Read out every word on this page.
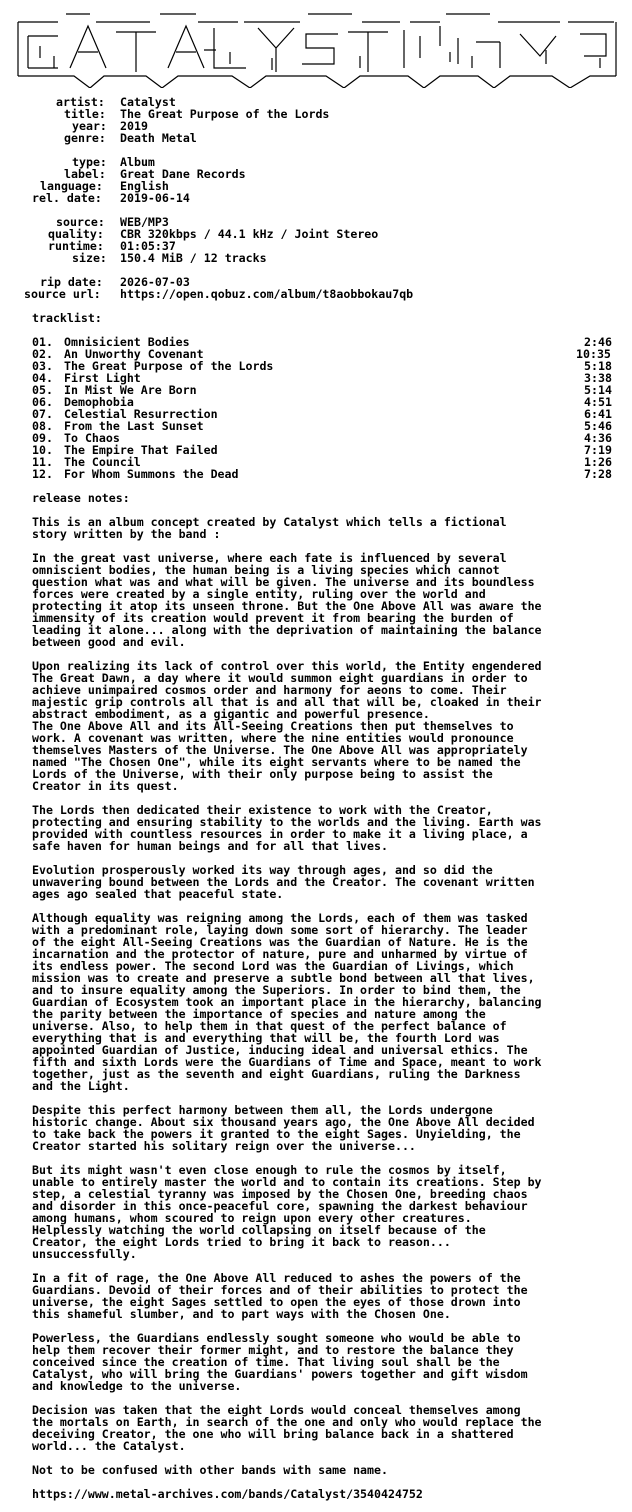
artist: Catalyst
title: The Great Purpose of the Lords
year: 2019
genre: Death Metal
type: Album
label: Great Dane Records
language: English
rel. date: 2019-06-14
source: WEB/MP3
quality: CBR 320kbps / 44.1 kHz / Joint Stereo
runtime: 01:05:37
size: 150.4 MiB / 12 tracks
rip date: 2026-07-03
source url: https://open.qobuz.com/album/t8aobbokau7qb
tracklist:
01. Omnisicient Bodies	2:46
02. An Unworthy Covenant	10:35
03. The Great Purpose of the Lords	5:18
04. First Light	3:38
05. In Mist We Are Born	5:14
06. Demophobia	4:51
07. Celestial Resurrection	6:41
08. From the Last Sunset	5:46
09. To Chaos	4:36
10. The Empire That Failed	7:19
11. The Council	1:26
12. For Whom Summons the Dead	7:28
release notes:
This is an album concept created by Catalyst which tells a fictional
story written by the band :
In the great vast universe, where each fate is influenced by several
omniscient bodies, the human being is a living species which cannot
question what was and what will be given. The universe and its boundless
forces were created by a single entity, ruling over the world and
protecting it atop its unseen throne. But the One Above All was aware the
immensity of its creation would prevent it from bearing the burden of
leading it alone... along with the deprivation of maintaining the balance
between good and evil.
Upon realizing its lack of control over this world, the Entity engendered
The Great Dawn, a day where it would summon eight guardians in order to
achieve unimpaired cosmos order and harmony for aeons to come. Their
majestic grip controls all that is and all that will be, cloaked in their
abstract embodiment, as a gigantic and powerful presence.
The One Above All and its All-Seeing Creations then put themselves to
work. A covenant was written, where the nine entities would pronounce
themselves Masters of the Universe. The One Above All was appropriately
named "The Chosen One", while its eight servants where to be named the
Lords of the Universe, with their only purpose being to assist the
Creator in its quest.
The Lords then dedicated their existence to work with the Creator,
protecting and ensuring stability to the worlds and the living. Earth was
provided with countless resources in order to make it a living place, a
safe haven for human beings and for all that lives.
Evolution prosperously worked its way through ages, and so did the
unwavering bound between the Lords and the Creator. The covenant written
ages ago sealed that peaceful state.
Although equality was reigning among the Lords, each of them was tasked
with a predominant role, laying down some sort of hierarchy. The leader
of the eight All-Seeing Creations was the Guardian of Nature. He is the
incarnation and the protector of nature, pure and unharmed by virtue of
its endless power. The second Lord was the Guardian of Livings, which
mission was to create and preserve a subtle bond between all that lives,
and to insure equality among the Superiors. In order to bind them, the
Guardian of Ecosystem took an important place in the hierarchy, balancing
the parity between the importance of species and nature among the
universe. Also, to help them in that quest of the perfect balance of
everything that is and everything that will be, the fourth Lord was
appointed Guardian of Justice, inducing ideal and universal ethics. The
fifth and sixth Lords were the Guardians of Time and Space, meant to work
together, just as the seventh and eight Guardians, ruling the Darkness
and the Light.
Despite this perfect harmony between them all, the Lords undergone
historic change. About six thousand years ago, the One Above All decided
to take back the powers it granted to the eight Sages. Unyielding, the
Creator started his solitary reign over the universe...
But its might wasn't even close enough to rule the cosmos by itself,
unable to entirely master the world and to contain its creations. Step by
step, a celestial tyranny was imposed by the Chosen One, breeding chaos
and disorder in this once-peaceful core, spawning the darkest behaviour
among humans, whom scoured to reign upon every other creatures.
Helplessly watching the world collapsing on itself because of the
Creator, the eight Lords tried to bring it back to reason...
unsuccessfully.
In a fit of rage, the One Above All reduced to ashes the powers of the
Guardians. Devoid of their forces and of their abilities to protect the
universe, the eight Sages settled to open the eyes of those drown into
this shameful slumber, and to part ways with the Chosen One.
Powerless, the Guardians endlessly sought someone who would be able to
help them recover their former might, and to restore the balance they
conceived since the creation of time. That living soul shall be the
Catalyst, who will bring the Guardians' powers together and gift wisdom
and knowledge to the universe.
Decision was taken that the eight Lords would conceal themselves among
the mortals on Earth, in search of the one and only who would replace the
deceiving Creator, the one who will bring balance back in a shattered
world... the Catalyst.
Not to be confused with other bands with same name.
https://www.metal-archives.com/bands/Catalyst/3540424752
